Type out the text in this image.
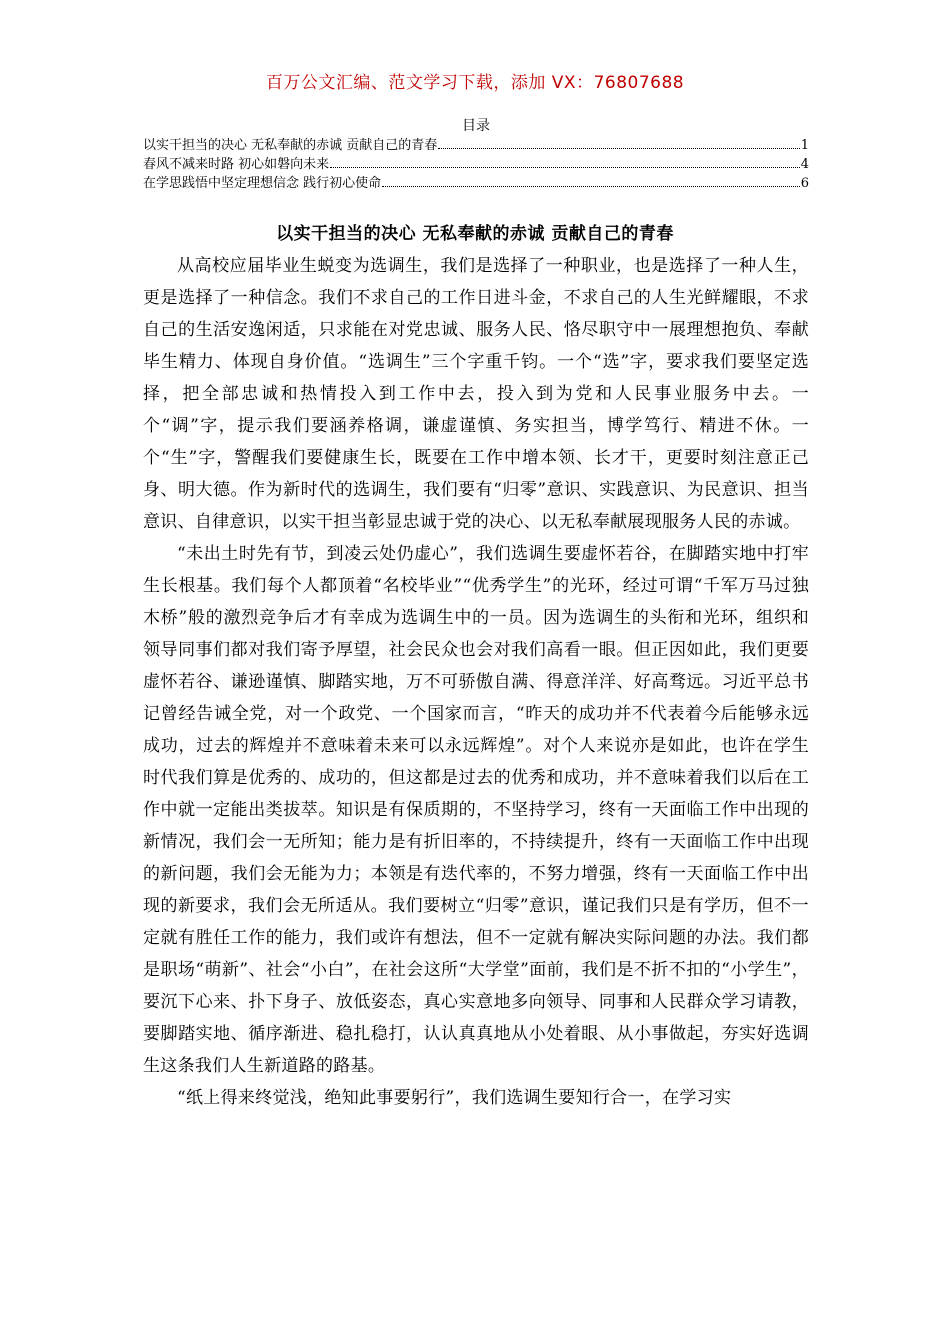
百万公文汇编、范文学习下载，添加 VX：76807688
目录
以实干担当的决心 无私奉献的赤诚 贡献自己的青春	1
春风不减来时路 初心如磐向未来	4
在学思践悟中坚定理想信念 践行初心使命	6
以实干担当的决心 无私奉献的赤诚 贡献自己的青春

从高校应届毕业生蜕变为选调生，我们是选择了一种职业，也是选择了一种人生，更是选择了一种信念。我们不求自己的工作日进斗金，不求自己的人生光鲜耀眼，不求自己的生活安逸闲适，只求能在对党忠诚、服务人民、恪尽职守中一展理想抱负、奉献毕生精力、体现自身价值。“选调生”三个字重千钧。一个“选”字，要求我们要坚定选择，把全部忠诚和热情投入到工作中去，投入到为党和人民事业服务中去。一个“调”字，提示我们要涵养格调，谦虚谨慎、务实担当，博学笃行、精进不休。一个“生”字，警醒我们要健康生长，既要在工作中增本领、长才干，更要时刻注意正己身、明大德。作为新时代的选调生，我们要有“归零”意识、实践意识、为民意识、担当意识、自律意识，以实干担当彰显忠诚于党的决心、以无私奉献展现服务人民的赤诚。

“未出土时先有节，到凌云处仍虚心”，我们选调生要虚怀若谷，在脚踏实地中打牢生长根基。我们每个人都顶着“名校毕业”“优秀学生”的光环，经过可谓“千军万马过独木桥”般的激烈竞争后才有幸成为选调生中的一员。因为选调生的头衔和光环，组织和领导同事们都对我们寄予厚望，社会民众也会对我们高看一眼。但正因如此，我们更要虚怀若谷、谦逊谨慎、脚踏实地，万不可骄傲自满、得意洋洋、好高骛远。习近平总书记曾经告诫全党，对一个政党、一个国家而言，“昨天的成功并不代表着今后能够永远成功，过去的辉煌并不意味着未来可以永远辉煌”。对个人来说亦是如此，也许在学生时代我们算是优秀的、成功的，但这都是过去的优秀和成功，并不意味着我们以后在工作中就一定能出类拔萃。知识是有保质期的，不坚持学习，终有一天面临工作中出现的新情况，我们会一无所知；能力是有折旧率的，不持续提升，终有一天面临工作中出现的新问题，我们会无能为力；本领是有迭代率的，不努力增强，终有一天面临工作中出现的新要求，我们会无所适从。我们要树立“归零”意识，谨记我们只是有学历，但不一定就有胜任工作的能力，我们或许有想法，但不一定就有解决实际问题的办法。我们都是职场“萌新”、社会“小白”，在社会这所“大学堂”面前，我们是不折不扣的“小学生”，要沉下心来、扑下身子、放低姿态，真心实意地多向领导、同事和人民群众学习请教，要脚踏实地、循序渐进、稳扎稳打，认认真真地从小处着眼、从小事做起，夯实好选调生这条我们人生新道路的路基。

“纸上得来终觉浅，绝知此事要躬行”，我们选调生要知行合一，在学习实
